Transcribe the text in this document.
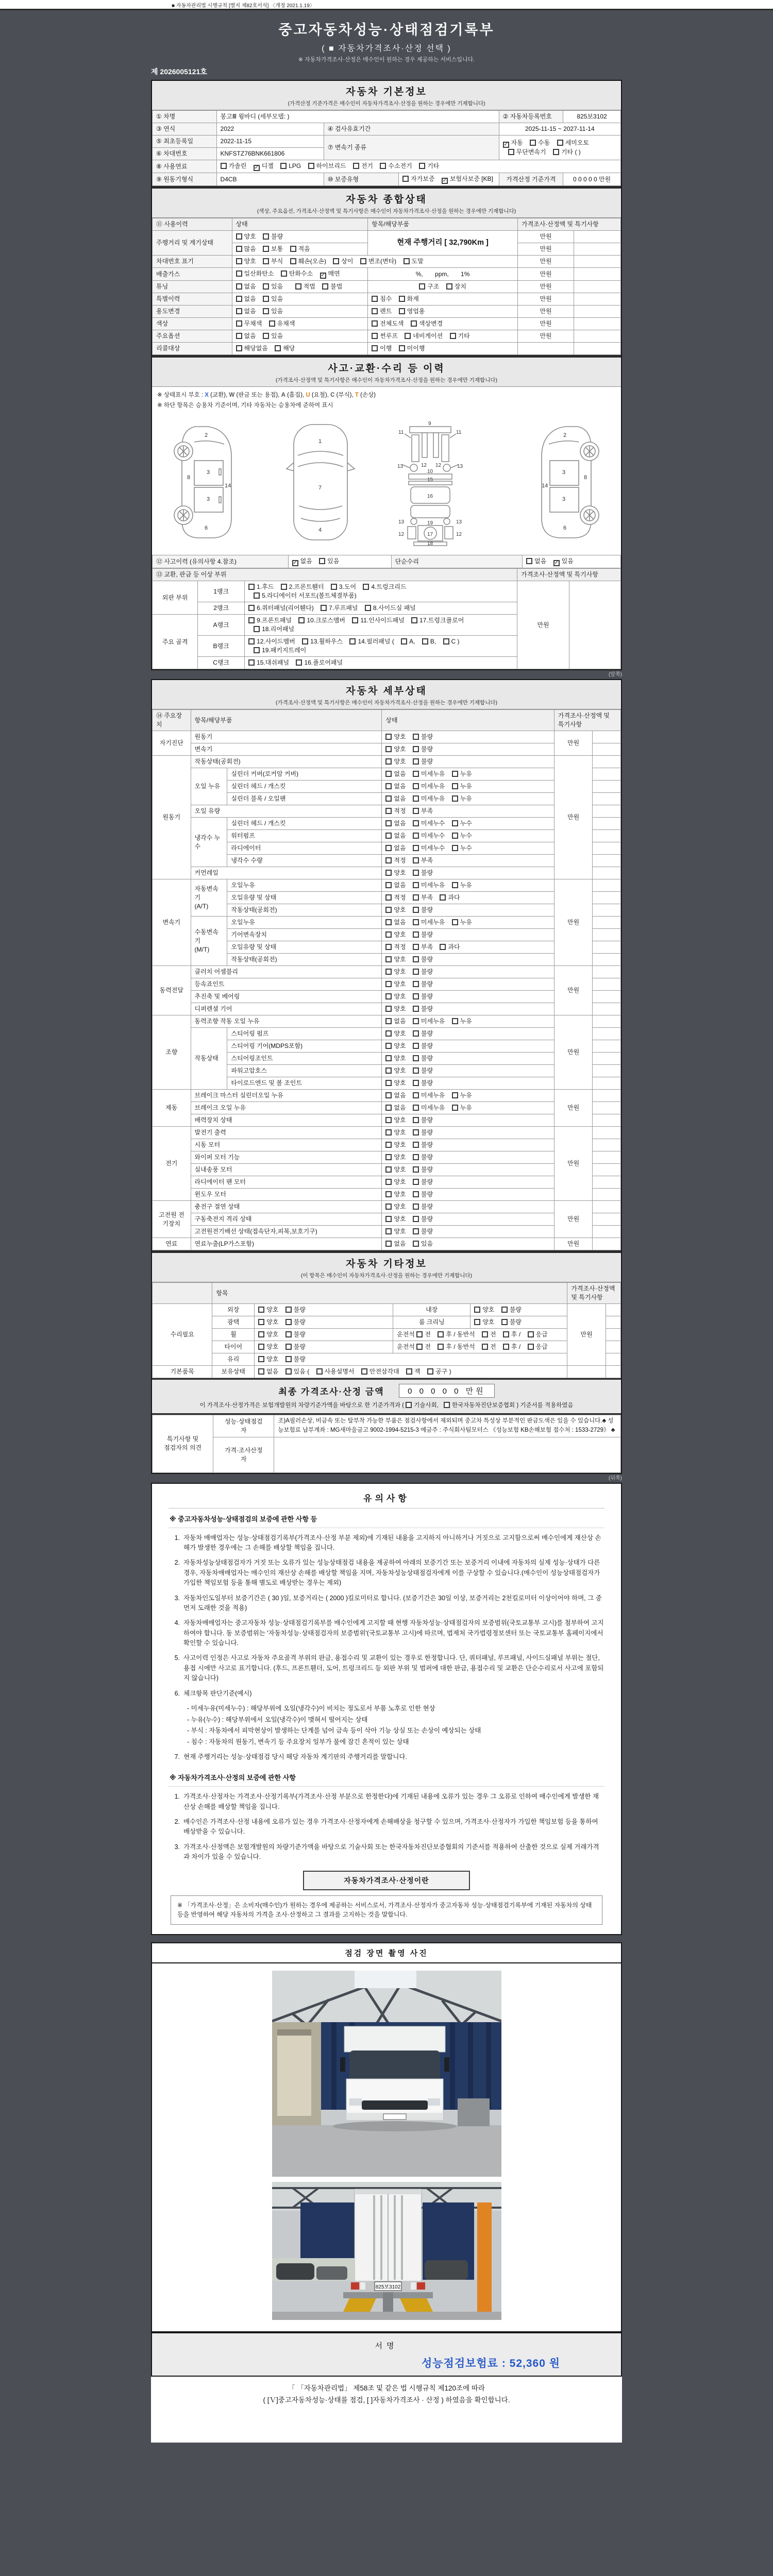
■ 자동차관리법 시행규칙 [별지 제82호서식] 〈개정 2021.1.19〉
중고자동차성능·상태점검기록부
( ■ 자동차가격조사·산정 선택 )
※ 자동차가격조사·산정은 매수인이 원하는 경우 제공하는 서비스입니다.
제 2026005121호
자동차 기본정보
(가격산정 기준가격은 매수인이 자동차가격조사·산정을 원하는 경우에만 기재합니다)
① 차명	봉고Ⅲ 윙바디 (세부모델: )			② 자동차등록번호	825보3102
③ 연식	2022	④ 검사유효기간		2025-11-15 ~ 2027-11-14	
⑤ 최초등록일	2022-11-15	⑦ 변속기 종류		✓ 자동 수동 세미오토
무단변속기 기타 ( )	
⑥ 차대번호	KNFSTZ76BNK661806				
⑧ 사용연료	가솔린 ✓ 디젤 LPG 하이브리드 전기 수소전기 기타				
⑨ 원동기형식	D4CB	⑩ 보증유형	자가보증 ✓ 보험사보증 [KB]	가격산정 기준가격	0 0 0 0 0 만원
자동차 종합상태
(색상, 주요옵션, 가격조사·산정액 및 특기사항은 매수인이 자동차가격조사·산정을 원하는 경우에만 기재합니다)
⑪ 사용이력	상태	항목/해당부품	가격조사·산정액 및 특기사항	
주행거리 및 계기상태	양호 불량	현재 주행거리 [ 32,790Km ]	만원	
	많음 보통 적음		만원	
차대번호 표기	양호 부식 훼손(오손) 상이 변조(변타) 도말		만원	
배출가스	일산화탄소 탄화수소 ✓ 매연	%,       ppm,       1%	만원	
튜닝	없음 있음    적법 불법	구조 장치	만원	
특별이력	없음 있음	침수 화재	만원	
용도변경	없음 있음	렌트 영업용	만원	
색상	무채색 유채색	전체도색 색상변경	만원	
주요옵션	없음 있음	썬루프 네비게이션 기타	만원	
리콜대상	해당없음 해당	이행 미이행		
사고·교환·수리 등 이력
(가격조사·산정액 및 특기사항은 매수인이 자동차가격조사·산정을 원하는 경우에만 기재합니다)
※ 상태표시 부호 : X (교환), W (판금 또는 용접), A (흠집), U (요철), C (부식), T (손상)
※ 하단 항목은 승용차 기준이며, 기타 자동차는 승용차에 준하여 표시
2
8
3
3
14
6
1
7
4
9
11	11
12 12
13	13
10
15
16
13	13
19
12	12
17
18
2
8
3
3
14
6
⑫ 사고이력 (유의사항 4.참조)	✓ 없음 있음	단순수리	없음 ✓ 있음
⑬ 교환, 판금 등 이상 부위			가격조사·산정액 및 특기사항	
외판 부위	1랭크	1.후드 2.프론트휀더 3.도어 4.트렁크리드
5.라디에이터 서포트(볼트체결부품)	만원	
	2랭크	6.쿼터패널(리어휀다) 7.루프패널 8.사이드실 패널		
주요 골격	A랭크	9.프론트패널 10.크로스멤버 11.인사이드패널 17.트렁크플로어
18.리어패널		
	B랭크	12.사이드멤버 13.휠하우스 14.필러패널 ( A, B, C )
19.패키지트레이		
	C랭크	15.대쉬패널 16.플로어패널		
(앞쪽)
자동차 세부상태
(가격조사·산정액 및 특기사항은 매수인이 자동차가격조사·산정을 원하는 경우에만 기재합니다)
⑭ 주요장치	항목/해당부품		상태	가격조사·산정액 및 특기사항	
자기진단	원동기		양호 불량	만원	
	변속기		양호 불량		
원동기	작동상태(공회전)		양호 불량	만원	
	오일 누유	실린더 커버(로커암 커버)	없음 미세누유 누유		
		실린더 헤드 / 개스킷	없음 미세누유 누유		
		실린더 블록 / 오일팬	없음 미세누유 누유		
	오일 유량		적정 부족		
	냉각수 누수	실린더 헤드 / 개스킷	없음 미세누수 누수		
		워터펌프	없음 미세누수 누수		
		라디에이터	없음 미세누수 누수		
		냉각수 수량	적정 부족		
	커먼레일		양호 불량		
변속기	자동변속기
(A/T)	오일누유	없음 미세누유 누유	만원	
		오일유량 및 상태	적정 부족 과다		
		작동상태(공회전)	양호 불량		
	수동변속기
(M/T)	오일누유	없음 미세누유 누유		
		기어변속장치	양호 불량		
		오일유량 및 상태	적정 부족 과다		
		작동상태(공회전)	양호 불량		
동력전달	클러치 어셈블리		양호 불량	만원	
	등속죠인트		양호 불량		
	추진축 및 베어링		양호 불량		
	디퍼렌셜 기어		양호 불량		
조향	동력조향 작동 오일 누유		없음 미세누유 누유	만원	
	작동상태	스티어링 펌프	양호 불량		
		스티어링 기어(MDPS포함)	양호 불량		
		스티어링조인트	양호 불량		
		파워고압호스	양호 불량		
		타이로드엔드 및 볼 조인트	양호 불량		
제동	브레이크 마스터 실린더오일 누유		없음 미세누유 누유	만원	
	브레이크 오일 누유		없음 미세누유 누유		
	배력장치 상태		양호 불량		
전기	발전기 출력		양호 불량	만원	
	시동 모터		양호 불량		
	와이퍼 모터 기능		양호 불량		
	실내송풍 모터		양호 불량		
	라디에이터 팬 모터		양호 불량		
	윈도우 모터		양호 불량		
고전원 전기장치	충전구 절연 상태		양호 불량	만원	
	구동축전지 격리 상태		양호 불량		
	고전원전기배선 상태(접속단자,피복,보호기구)		양호 불량		
연료	연료누출(LP가스포함)		없음 있음	만원	
자동차 기타정보
(이 항목은 매수인이 자동차가격조사·산정을 원하는 경우에만 기재합니다)
	항목				가격조사·산정액 및 특기사항	
수리필요	외장	양호 불량	내장	양호 불량	만원	
	광택	양호 불량	룸 크리닝	양호 불량		
	휠	양호 불량	운전석 전 후 / 동반석 전 후 / 응급			
	타이어	양호 불량	운전석 전 후 / 동반석 전 후 / 응급			
	유리	양호 불량				
기본품목	보유상태	없음 있음 ( 사용설명서 안전삼각대 잭 공구 )				
최종 가격조사·산정 금액	0 0 0 0 0 만원
이 가격조사·산정가격은 보험개발원의 차량기준가액을 바탕으로 한 기준가격과 ( 기술사회, 한국자동차진단보증협회 ) 기준서를 적용하였음
특기사항 및
점검자의 의견	성능·상태점검
자	조)A필러손상, 비금속 또는 탈부착 가능한 부품은 점검사항에서 제외되며 중고차 특성상 부분적인 판금도색은 있을 수 있습니다.♣ 성능보험료 납부계좌 : MG새마을금고 9002-1994-5215-3 예금주 : 주식회사팀모터스 《성능보험 KB손해보험 접수처 : 1533-2729》 ♣
	가격·조사산정
자	
(뒤쪽)
유의사항
※ 중고자동차성능·상태점검의 보증에 관한 사항 등
1. 자동차 매매업자는 성능·상태점검기록부(가격조사·산정 부분 제외)에 기재된 내용을 고지하지 아니하거나 거짓으로 고지함으로써 매수인에게 재산상 손해가 발생한 경우에는 그 손해를 배상할 책임을 집니다.
2. 자동차성능상태점검자가 거짓 또는 오류가 있는 성능상태점검 내용을 제공하여 아래의 보증기간 또는 보증거리 이내에 자동차의 실제 성능·상태가 다른 경우, 자동차매매업자는 매수인의 재산상 손해를 배상할 책임을 지며, 자동차성능상태점검자에게 이를 구상할 수 있습니다.(매수인이 성능상태점검자가 가입한 책임보험 등을 통해 별도로 배상받는 경우는 제외)
3. 자동차인도일부터 보증기간은 ( 30 )일, 보증거리는 ( 2000 )킬로미터로 합니다. (보증기간은 30일 이상, 보증거리는 2천킬로미터 이상이어야 하며, 그 중 먼저 도래한 것을 적용)
4. 자동차매매업자는 중고자동차 성능·상태점검기록부를 매수인에게 고지할 때 현행 자동차성능·상태점검자의 보증범위(국토교통부 고시)를 첨부하여 고지하여야 합니다. 동 보증범위는 '자동차성능·상태점검자의 보증범위'(국토교통부 고시)에 따르며, 법제처 국가법령정보센터 또는 국토교통부 홈페이지에서 확인할 수 있습니다.
5. 사고이력 인정은 사고로 자동차 주요골격 부위의 판금, 용접수리 및 교환이 있는 경우로 한정합니다. 단, 쿼터패널, 루프패널, 사이드실패널 부위는 절단, 용접 시에만 사고로 표기합니다. (후드, 프론트휀더, 도어, 트렁크리드 등 외판 부위 및 범퍼에 대한 판금, 용접수리 및 교환은 단순수리로서 사고에 포함되지 않습니다)
6. 체크항목 판단기준(예시)
- 미세누유(미세누수) : 해당부위에 오일(냉각수)이 비치는 정도로서 부품 노후로 인한 현상
- 누유(누수) : 해당부위에서 오일(냉각수)이 맺혀서 떨어지는 상태
- 부식 : 자동차에서 피막현상이 발생하는 단계를 넘어 금속 등이 삭아 기능 상실 또는 손상이 예상되는 상태
- 침수 : 자동차의 원동기, 변속기 등 주요장치 일부가 물에 잠긴 흔적이 있는 상태
7. 현재 주행거리는 성능·상태점검 당시 해당 자동차 계기판의 주행거리를 말합니다.
※ 자동차가격조사·산정의 보증에 관한 사항
1. 가격조사·산정자는 가격조사·산정기록부(가격조사·산정 부분으로 한정한다)에 기재된 내용에 오류가 있는 경우 그 오류로 인하여 매수인에게 발생한 재산상 손해를 배상할 책임을 집니다.
2. 매수인은 가격조사·산정 내용에 오류가 있는 경우 가격조사·산정자에게 손해배상을 청구할 수 있으며, 가격조사·산정자가 가입한 책임보험 등을 통하여 배상받을 수 있습니다.
3. 가격조사·산정액은 보험개발원의 차량기준가액을 바탕으로 기술사회 또는 한국자동차진단보증협회의 기준서를 적용하여 산출한 것으로 실제 거래가격과 차이가 있을 수 있습니다.
자동차가격조사·산정이란
※ 「가격조사·산정」은 소비자(매수인)가 원하는 경우에 제공하는 서비스로서, 가격조사·산정자가 중고자동차 성능·상태점검기록부에 기재된 자동차의 상태 등을 반영하여 해당 자동차의 가격을 조사·산정하고 그 결과를 고지하는 것을 말합니다.
점검 장면 촬영 사진
825보3102
서명
성능점검보험료 : 52,360 원
「 「자동차관리법」 제58조 및 같은 법 시행규칙 제120조에 따라
( [Ｖ]중고자동차성능·상태를 점검, [ ]자동차가격조사 · 산정 ) 하였음을 확인합니다.
